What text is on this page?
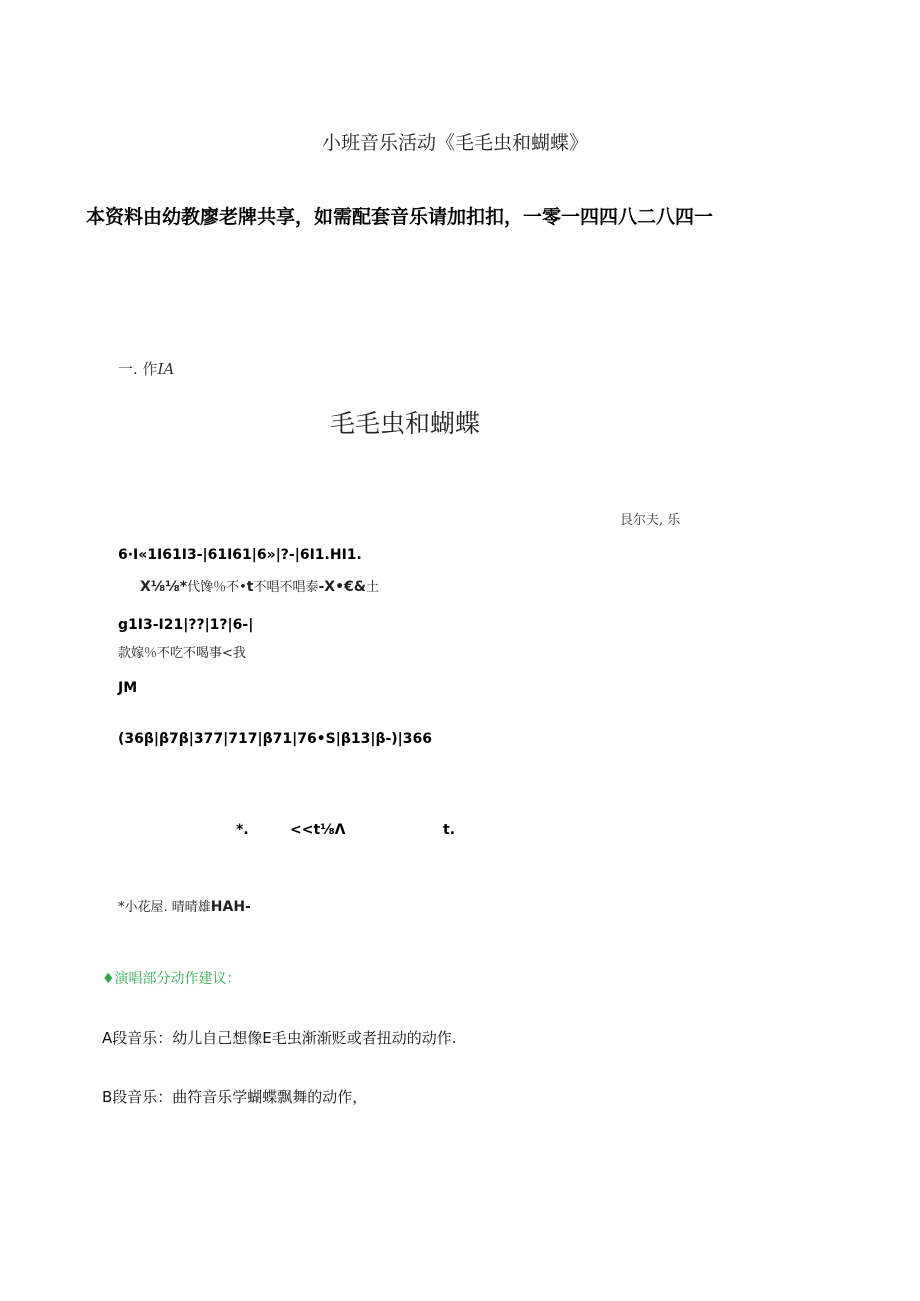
小班音乐活动《毛毛虫和蝴蝶》
本资料由幼教廖老牌共享，如需配套音乐请加扣扣，一零一四四八二八四一
一. 作IA
毛毛虫和蝴蝶
艮尔夫, 乐
6·I«1I61I3-|61I61|6»|?-|6I1.HI1.
X⅛⅛*代馋％不•t不唱不唱泰-X•€&土
g1I3-I21|??|1?|6-|
款嫁％不吃不喝事<我
JM
(36β|β7β|377|717|β71|76•S|β13|β-)|366
*.	<<t⅛Λ	t.
*小花屋. 晴晴雄HAH-
♦演唱部分动作建议：
A段音乐：幼儿自己想像E毛虫渐渐贬或者扭动的动作.
B段音乐：曲符音乐学蝴蝶飘舞的动作，
